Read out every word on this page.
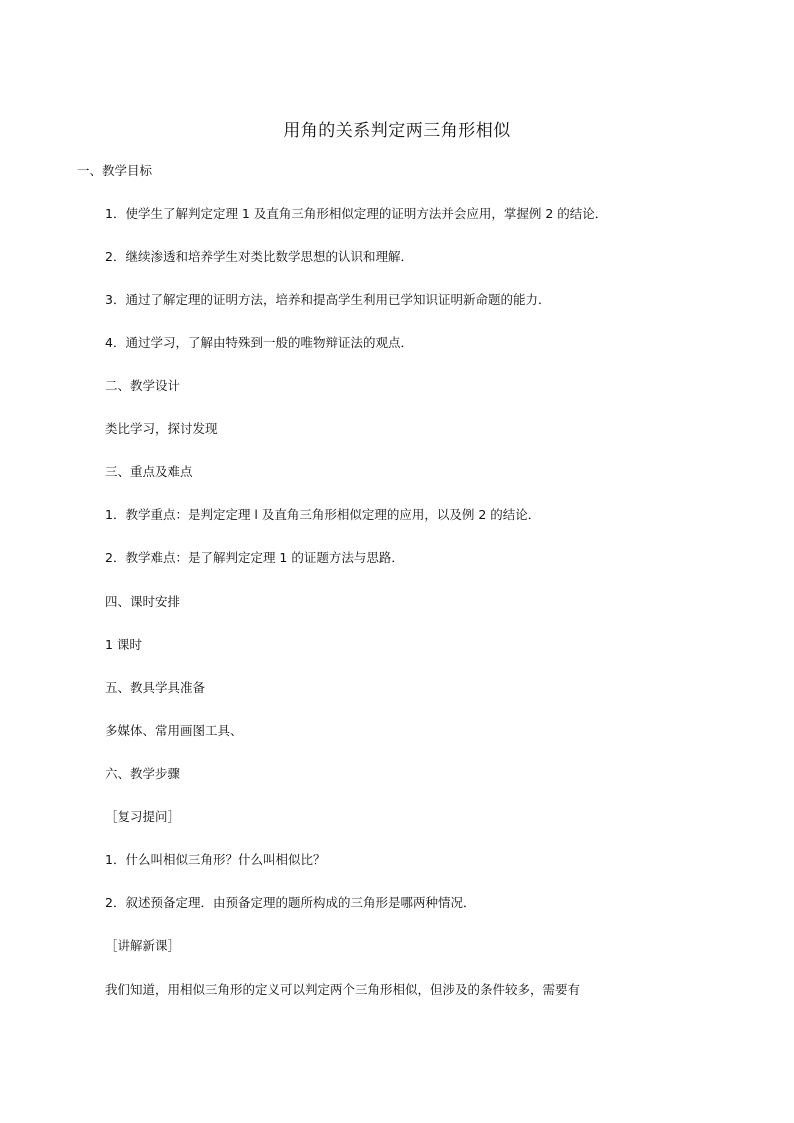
用角的关系判定两三角形相似

一、教学目标

1．使学生了解判定定理 1 及直角三角形相似定理的证明方法并会应用，掌握例 2 的结论．

2．继续渗透和培养学生对类比数学思想的认识和理解．

3．通过了解定理的证明方法，培养和提高学生利用已学知识证明新命题的能力．

4．通过学习，了解由特殊到一般的唯物辩证法的观点．

二、教学设计

类比学习，探讨发现

三、重点及难点

1．教学重点：是判定定理 l 及直角三角形相似定理的应用，以及例 2 的结论．

2．教学难点：是了解判定定理 1 的证题方法与思路．

四、课时安排

1 课时

五、教具学具准备

多媒体、常用画图工具、

六、教学步骤

［复习提问］

1．什么叫相似三角形？什么叫相似比？

2．叙述预备定理．由预备定理的题所构成的三角形是哪两种情况．

［讲解新课］

我们知道，用相似三角形的定义可以判定两个三角形相似，但涉及的条件较多，需要有
